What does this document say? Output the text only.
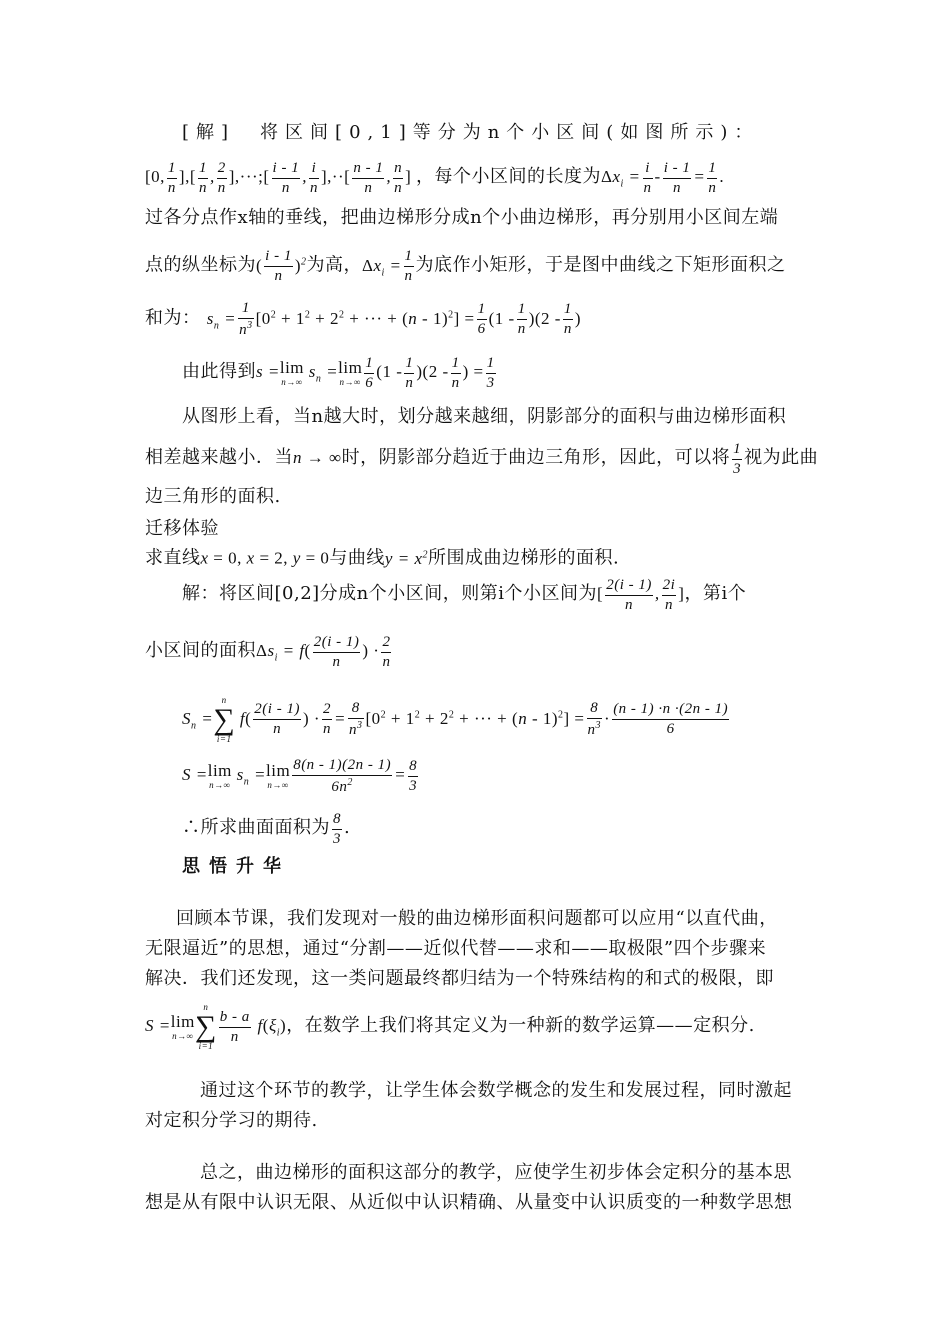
[解]　将区间[0,1]等分为n个小区间(如图所示)：
[0, $\frac{1}{n}$ ],[ $\frac{1}{n}$ , $\frac{2}{n}$ ],···;[ $\frac{i - 1}{n}$ , $\frac{i}{n}$ ],··[ $\frac{n - 1}{n}$ , $\frac{n}{n}$ ] ，每个小区间的长度为$\Delta x_i = \frac{i}{n} - \frac{i - 1}{n} = \frac{1}{n}$ .
过各分点作x轴的垂线，把曲边梯形分成n个小曲边梯形，再分别用小区间左端
点的纵坐标为( $\frac{i - 1}{n} )^2$为高，$\Delta x_i = \frac{1}{n}$ 为底作小矩形，于是图中曲线之下矩形面积之
和为： $s_n = \frac{1}{n^3} [0^2 + 1^2 + 2^2$ + ··· + $(n - 1)^2] = \frac{1}{6} (1 - \frac{1}{n} )(2 - \frac{1}{n}$ )
由此得到s = lim
n→∞
$s_n = \lim$
$n\to\infty \frac{1}{6} (1 - \frac{1}{n} )(2 - \frac{1}{n}$ ) = $\frac{1}{3}$
从图形上看，当n越大时，划分越来越细，阴影部分的面积与曲边梯形面积
相差越来越小．当n → ∞时，阴影部分趋近于曲边三角形，因此，可以将 $\frac{1}{3}$ 视为此曲
边三角形的面积.
迁移体验
求直线x = 0, x = 2, y = 0与曲线$y = x^2$所围成曲边梯形的面积.
解：将区间[0,2]分成n个小区间，则第i个小区间为[ $\frac{2(i - 1)}{n}$ , $\frac{2i}{n}$ ]，第i个
小区间的面积$\Delta s_i = f( \frac{2(i - 1)}{n}$ ) · $\frac{2}{n}$
$S_n$ =
n
∑
i=1
$f( \frac{2(i - 1)}{n}$ ) · $\frac{2}{n} = \frac{8}{n^3} [0^2 + 1^2 + 2^2$ + ··· + $(n - 1)^2] = \frac{8}{n^3} \cdot \frac{(n - 1) \cdot n \cdot(2n - 1)}{6}$
S = lim
n→∞
$s_n = \lim$
$n\to\infty \frac{8(n - 1)(2n - 1)}{6n^2} = \frac{8}{3}$
∴所求曲面面积为 $\frac{8}{3}$ .
思悟升华
回顾本节课，我们发现对一般的曲边梯形面积问题都可以应用“以直代曲，
无限逼近”的思想，通过“分割——近似代替——求和——取极限”四个步骤来
解决．我们还发现，这一类问题最终都归结为一个特殊结构的和式的极限，即
S = lim
n→∞
n
∑
i=1
$\frac{b - a}{n} f(\xi_i)$，在数学上我们将其定义为一种新的数学运算——定积分.
通过这个环节的教学，让学生体会数学概念的发生和发展过程，同时激起
对定积分学习的期待.
总之，曲边梯形的面积这部分的教学，应使学生初步体会定积分的基本思
想是从有限中认识无限、从近似中认识精确、从量变中认识质变的一种数学思想
